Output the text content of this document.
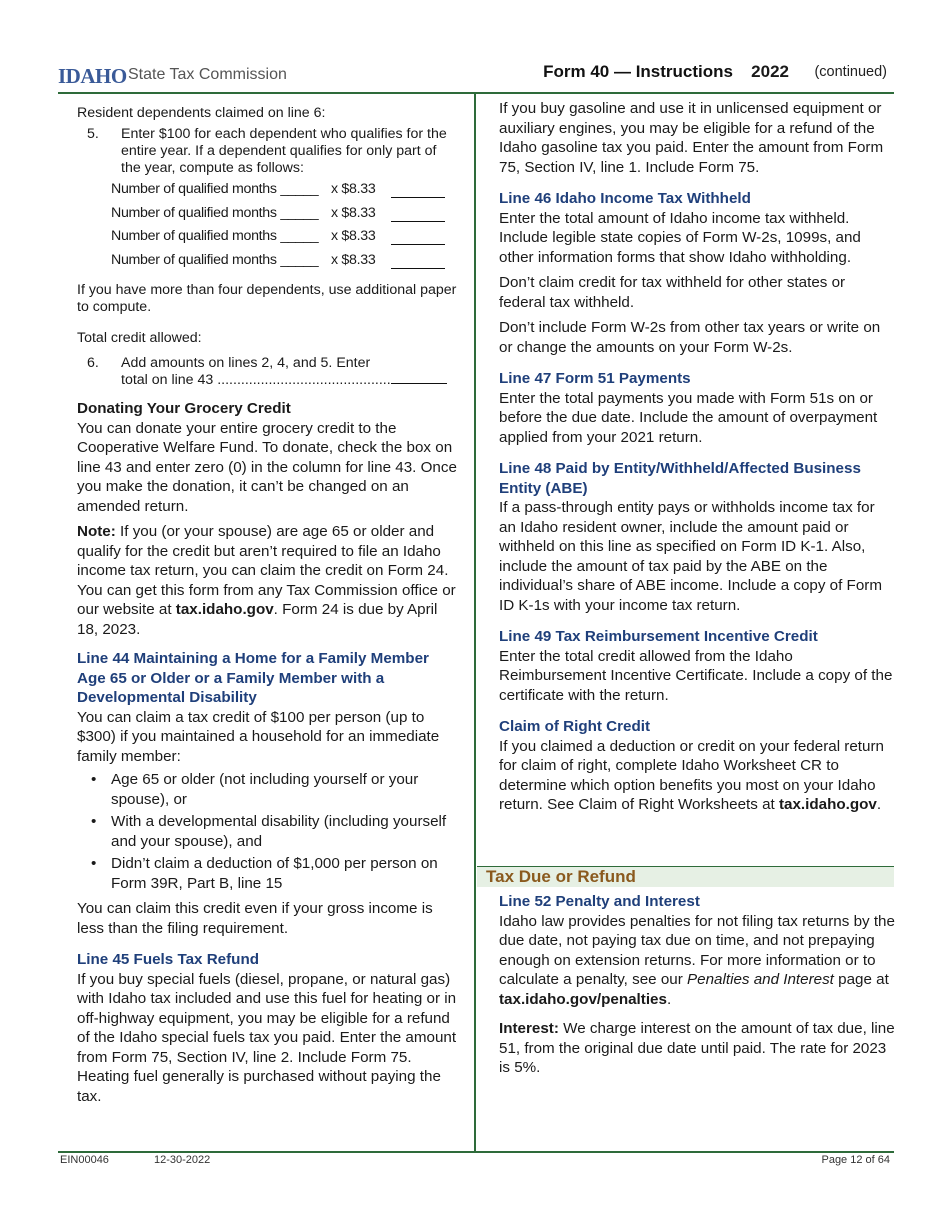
IDAHO State Tax Commission	Form 40 — Instructions 2022 (continued)

Resident dependents claimed on line 6:

5. Enter $100 for each dependent who qualifies for the entire year. If a dependent qualifies for only part of the year, compute as follows:
Number of qualified months _____ x $8.33
Number of qualified months _____ x $8.33
Number of qualified months _____ x $8.33
Number of qualified months _____ x $8.33

If you have more than four dependents, use additional paper to compute.

Total credit allowed:

6. Add amounts on lines 2, 4, and 5. Enter total on line 43 ............................................

Donating Your Grocery Credit

You can donate your entire grocery credit to the Cooperative Welfare Fund. To donate, check the box on line 43 and enter zero (0) in the column for line 43. Once you make the donation, it can’t be changed on an amended return.

Note: If you (or your spouse) are age 65 or older and qualify for the credit but aren’t required to file an Idaho income tax return, you can claim the credit on Form 24. You can get this form from any Tax Commission office or our website at tax.idaho.gov. Form 24 is due by April 18, 2023.

Line 44 Maintaining a Home for a Family Member Age 65 or Older or a Family Member with a Developmental Disability

You can claim a tax credit of $100 per person (up to $300) if you maintained a household for an immediate family member:

• Age 65 or older (not including yourself or your spouse), or
• With a developmental disability (including yourself and your spouse), and
• Didn’t claim a deduction of $1,000 per person on Form 39R, Part B, line 15

You can claim this credit even if your gross income is less than the filing requirement.

Line 45 Fuels Tax Refund

If you buy special fuels (diesel, propane, or natural gas) with Idaho tax included and use this fuel for heating or in off-highway equipment, you may be eligible for a refund of the Idaho special fuels tax you paid. Enter the amount from Form 75, Section IV, line 2. Include Form 75. Heating fuel generally is purchased without paying the tax.

If you buy gasoline and use it in unlicensed equipment or auxiliary engines, you may be eligible for a refund of the Idaho gasoline tax you paid. Enter the amount from Form 75, Section IV, line 1. Include Form 75.

Line 46 Idaho Income Tax Withheld

Enter the total amount of Idaho income tax withheld. Include legible state copies of Form W-2s, 1099s, and other information forms that show Idaho withholding.

Don’t claim credit for tax withheld for other states or federal tax withheld.

Don’t include Form W-2s from other tax years or write on or change the amounts on your Form W-2s.

Line 47 Form 51 Payments

Enter the total payments you made with Form 51s on or before the due date. Include the amount of overpayment applied from your 2021 return.

Line 48 Paid by Entity/Withheld/Affected Business Entity (ABE)

If a pass-through entity pays or withholds income tax for an Idaho resident owner, include the amount paid or withheld on this line as specified on Form ID K-1. Also, include the amount of tax paid by the ABE on the individual’s share of ABE income. Include a copy of Form ID K-1s with your income tax return.

Line 49 Tax Reimbursement Incentive Credit

Enter the total credit allowed from the Idaho Reimbursement Incentive Certificate. Include a copy of the certificate with the return.

Claim of Right Credit

If you claimed a deduction or credit on your federal return for claim of right, complete Idaho Worksheet CR to determine which option benefits you most on your Idaho return. See Claim of Right Worksheets at tax.idaho.gov.

Tax Due or Refund

Line 52 Penalty and Interest

Idaho law provides penalties for not filing tax returns by the due date, not paying tax due on time, and not prepaying enough on extension returns. For more information or to calculate a penalty, see our Penalties and Interest page at tax.idaho.gov/penalties.

Interest: We charge interest on the amount of tax due, line 51, from the original due date until paid. The rate for 2023 is 5%.

EIN00046	12-30-2022	Page 12 of 64
